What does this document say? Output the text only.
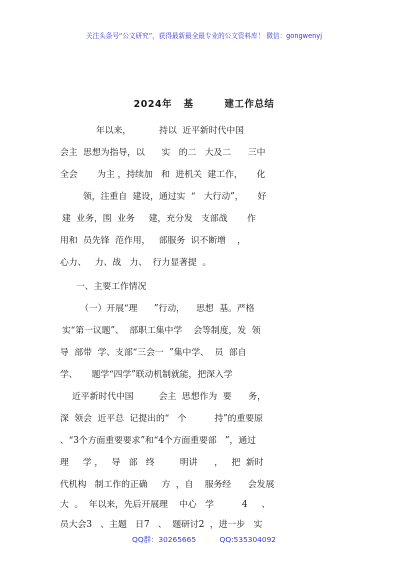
关注头条号“公文研究”，获得最新最全最专业的公文资料库！ 微信：gongwenyj
2024年   基        建工作总结
年以来，          持以  近平新时代中国
会主  思想为指导，以      实   的二   大及二      三中
全会       为主 ，持续加   和  进机关  建工作，     化
领，注重自  建设，通过实  “   大行动”，     好
建  业务，围  业务     建，充分发   支部战       作
用和  员先锋  范作用，   部服务  识不断增    ，
心力、   力、战   力、  行力显著提  。
一、主要工作情况
（一）开展“理      ”行动，    思想  基。严格
实“第一议题”、  部职工集中学    会等制度，发  领
导  部带  学、支部“三会一  ”集中学、  员  部自
学、     题学“四学”联动机制就能，把深入学
近平新时代中国         会主  思想作为  要      务，
深  领会  近平总  记提出的“   个          持”的重要原
、“3个方面重要要求”和“4个方面重要部   ”，通过
理     学 ，   导   部   终         明讲      ，   把  新时
代机构   制工作的正确     方  ，自    服务经      会发展
大  。  年以来，先后开展理    中心   学          4     、
员大会3   、主题   日7   、  题研讨2  ，进一步   实
QQ群：30265665	QQ:535304092
